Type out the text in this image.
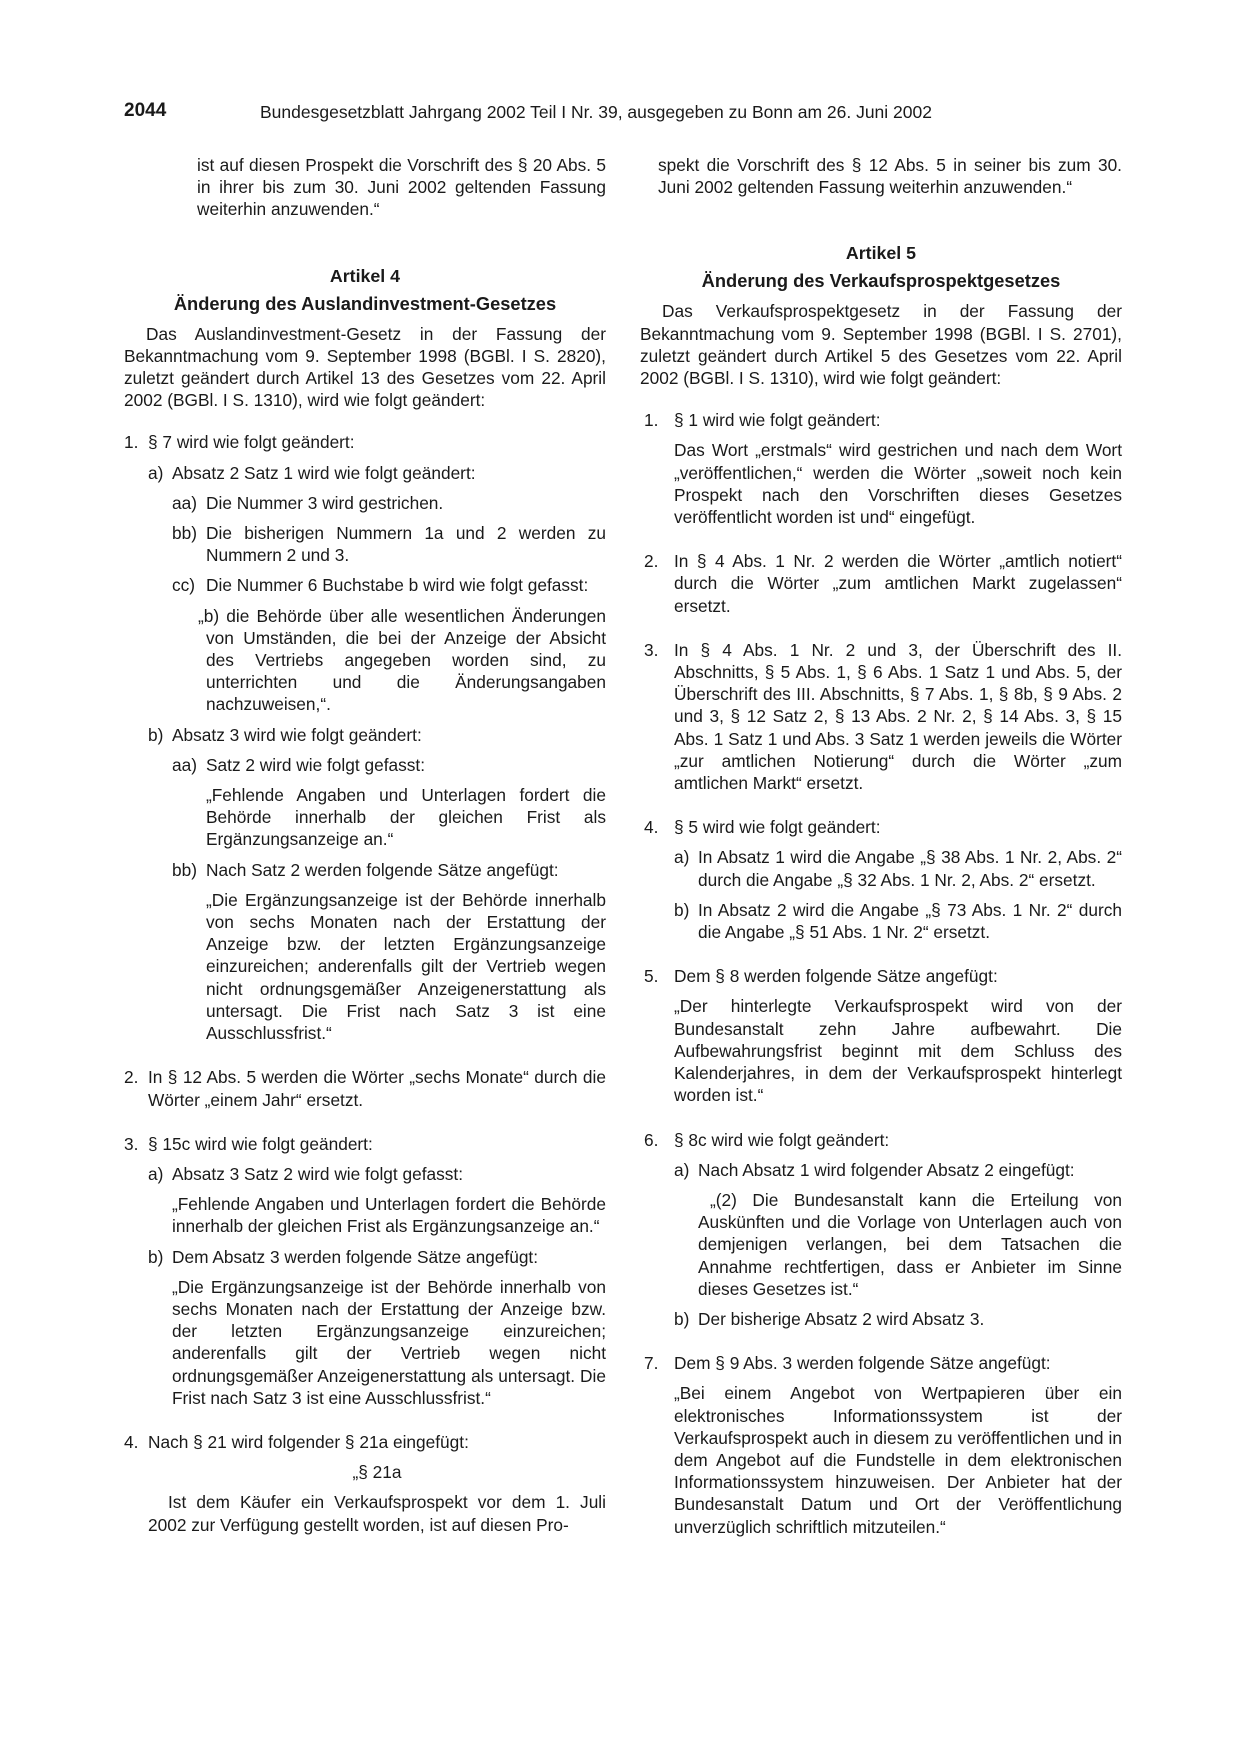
2044	Bundesgesetzblatt Jahrgang 2002 Teil I Nr. 39, ausgegeben zu Bonn am 26. Juni 2002

ist auf diesen Prospekt die Vorschrift des § 20 Abs. 5 in ihrer bis zum 30. Juni 2002 geltenden Fassung weiterhin anzuwenden.“

Artikel 4
Änderung des Auslandinvestment-Gesetzes

Das Auslandinvestment-Gesetz in der Fassung der Bekanntmachung vom 9. September 1998 (BGBl. I S. 2820), zuletzt geändert durch Artikel 13 des Gesetzes vom 22. April 2002 (BGBl. I S. 1310), wird wie folgt geändert:

1. § 7 wird wie folgt geändert:
a) Absatz 2 Satz 1 wird wie folgt geändert:
aa) Die Nummer 3 wird gestrichen.
bb) Die bisherigen Nummern 1a und 2 werden zu Nummern 2 und 3.
cc) Die Nummer 6 Buchstabe b wird wie folgt gefasst:

„b) die Behörde über alle wesentlichen Änderungen von Umständen, die bei der Anzeige der Absicht des Vertriebs angegeben worden sind, zu unterrichten und die Änderungsangaben nachzuweisen,“.

b) Absatz 3 wird wie folgt geändert:
aa) Satz 2 wird wie folgt gefasst:

„Fehlende Angaben und Unterlagen fordert die Behörde innerhalb der gleichen Frist als Ergänzungsanzeige an.“

bb) Nach Satz 2 werden folgende Sätze angefügt:

„Die Ergänzungsanzeige ist der Behörde innerhalb von sechs Monaten nach der Erstattung der Anzeige bzw. der letzten Ergänzungsanzeige einzureichen; anderenfalls gilt der Vertrieb wegen nicht ordnungsgemäßer Anzeigenerstattung als untersagt. Die Frist nach Satz 3 ist eine Ausschlussfrist.“

2. In § 12 Abs. 5 werden die Wörter „sechs Monate“ durch die Wörter „einem Jahr“ ersetzt.
3. § 15c wird wie folgt geändert:
a) Absatz 3 Satz 2 wird wie folgt gefasst:

„Fehlende Angaben und Unterlagen fordert die Behörde innerhalb der gleichen Frist als Ergänzungsanzeige an.“

b) Dem Absatz 3 werden folgende Sätze angefügt:

„Die Ergänzungsanzeige ist der Behörde innerhalb von sechs Monaten nach der Erstattung der Anzeige bzw. der letzten Ergänzungsanzeige einzureichen; anderenfalls gilt der Vertrieb wegen nicht ordnungsgemäßer Anzeigenerstattung als untersagt. Die Frist nach Satz 3 ist eine Ausschlussfrist.“

4. Nach § 21 wird folgender § 21a eingefügt:

„§ 21a

Ist dem Käufer ein Verkaufsprospekt vor dem 1. Juli 2002 zur Verfügung gestellt worden, ist auf diesen Pro-

spekt die Vorschrift des § 12 Abs. 5 in seiner bis zum 30. Juni 2002 geltenden Fassung weiterhin anzuwenden.“

Artikel 5
Änderung des Verkaufsprospektgesetzes

Das Verkaufsprospektgesetz in der Fassung der Bekanntmachung vom 9. September 1998 (BGBl. I S. 2701), zuletzt geändert durch Artikel 5 des Gesetzes vom 22. April 2002 (BGBl. I S. 1310), wird wie folgt geändert:

1. § 1 wird wie folgt geändert:

Das Wort „erstmals“ wird gestrichen und nach dem Wort „veröffentlichen,“ werden die Wörter „soweit noch kein Prospekt nach den Vorschriften dieses Gesetzes veröffentlicht worden ist und“ eingefügt.

2. In § 4 Abs. 1 Nr. 2 werden die Wörter „amtlich notiert“ durch die Wörter „zum amtlichen Markt zugelassen“ ersetzt.
3. In § 4 Abs. 1 Nr. 2 und 3, der Überschrift des II. Abschnitts, § 5 Abs. 1, § 6 Abs. 1 Satz 1 und Abs. 5, der Überschrift des III. Abschnitts, § 7 Abs. 1, § 8b, § 9 Abs. 2 und 3, § 12 Satz 2, § 13 Abs. 2 Nr. 2, § 14 Abs. 3, § 15 Abs. 1 Satz 1 und Abs. 3 Satz 1 werden jeweils die Wörter „zur amtlichen Notierung“ durch die Wörter „zum amtlichen Markt“ ersetzt.
4. § 5 wird wie folgt geändert:
a) In Absatz 1 wird die Angabe „§ 38 Abs. 1 Nr. 2, Abs. 2“ durch die Angabe „§ 32 Abs. 1 Nr. 2, Abs. 2“ ersetzt.
b) In Absatz 2 wird die Angabe „§ 73 Abs. 1 Nr. 2“ durch die Angabe „§ 51 Abs. 1 Nr. 2“ ersetzt.
5. Dem § 8 werden folgende Sätze angefügt:

„Der hinterlegte Verkaufsprospekt wird von der Bundesanstalt zehn Jahre aufbewahrt. Die Aufbewahrungsfrist beginnt mit dem Schluss des Kalenderjahres, in dem der Verkaufsprospekt hinterlegt worden ist.“

6. § 8c wird wie folgt geändert:
a) Nach Absatz 1 wird folgender Absatz 2 eingefügt:

„(2) Die Bundesanstalt kann die Erteilung von Auskünften und die Vorlage von Unterlagen auch von demjenigen verlangen, bei dem Tatsachen die Annahme rechtfertigen, dass er Anbieter im Sinne dieses Gesetzes ist.“

b) Der bisherige Absatz 2 wird Absatz 3.
7. Dem § 9 Abs. 3 werden folgende Sätze angefügt:

„Bei einem Angebot von Wertpapieren über ein elektronisches Informationssystem ist der Verkaufsprospekt auch in diesem zu veröffentlichen und in dem Angebot auf die Fundstelle in dem elektronischen Informationssystem hinzuweisen. Der Anbieter hat der Bundesanstalt Datum und Ort der Veröffentlichung unverzüglich schriftlich mitzuteilen.“
